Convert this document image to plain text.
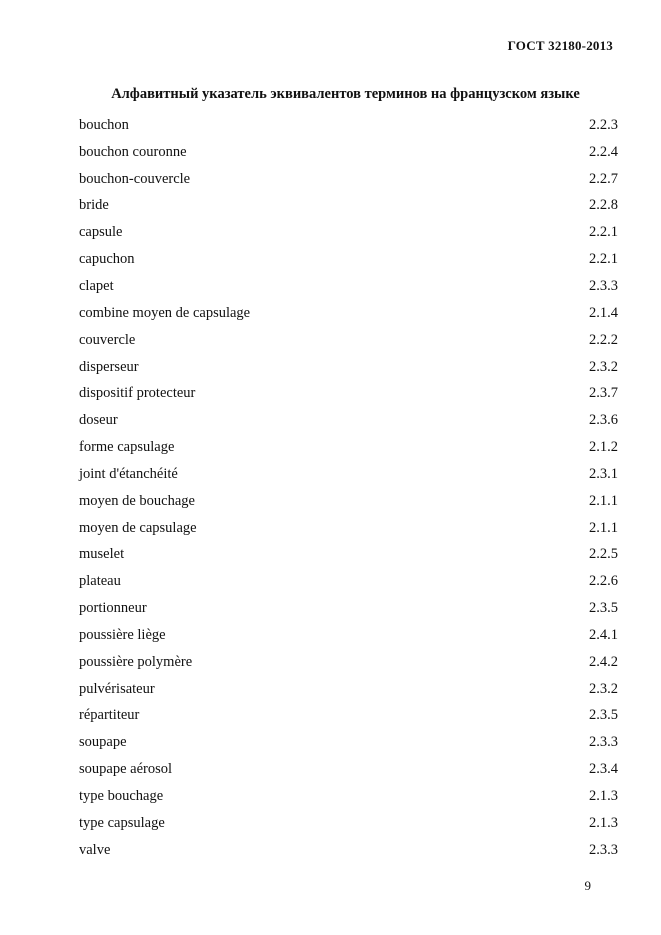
ГОСТ 32180-2013
Алфавитный указатель эквивалентов терминов на французском языке
bouchon	2.2.3
bouchon couronne	2.2.4
bouchon-couvercle	2.2.7
bride	2.2.8
capsule	2.2.1
capuchon	2.2.1
clapet	2.3.3
combine moyen de capsulage	2.1.4
couvercle	2.2.2
disperseur	2.3.2
dispositif protecteur	2.3.7
doseur	2.3.6
forme capsulage	2.1.2
joint d'étanchéité	2.3.1
moyen de bouchage	2.1.1
moyen de capsulage	2.1.1
muselet	2.2.5
plateau	2.2.6
portionneur	2.3.5
poussière liège	2.4.1
poussière polymère	2.4.2
pulvérisateur	2.3.2
répartiteur	2.3.5
soupape	2.3.3
soupape aérosol	2.3.4
type bouchage	2.1.3
type capsulage	2.1.3
valve	2.3.3
9
